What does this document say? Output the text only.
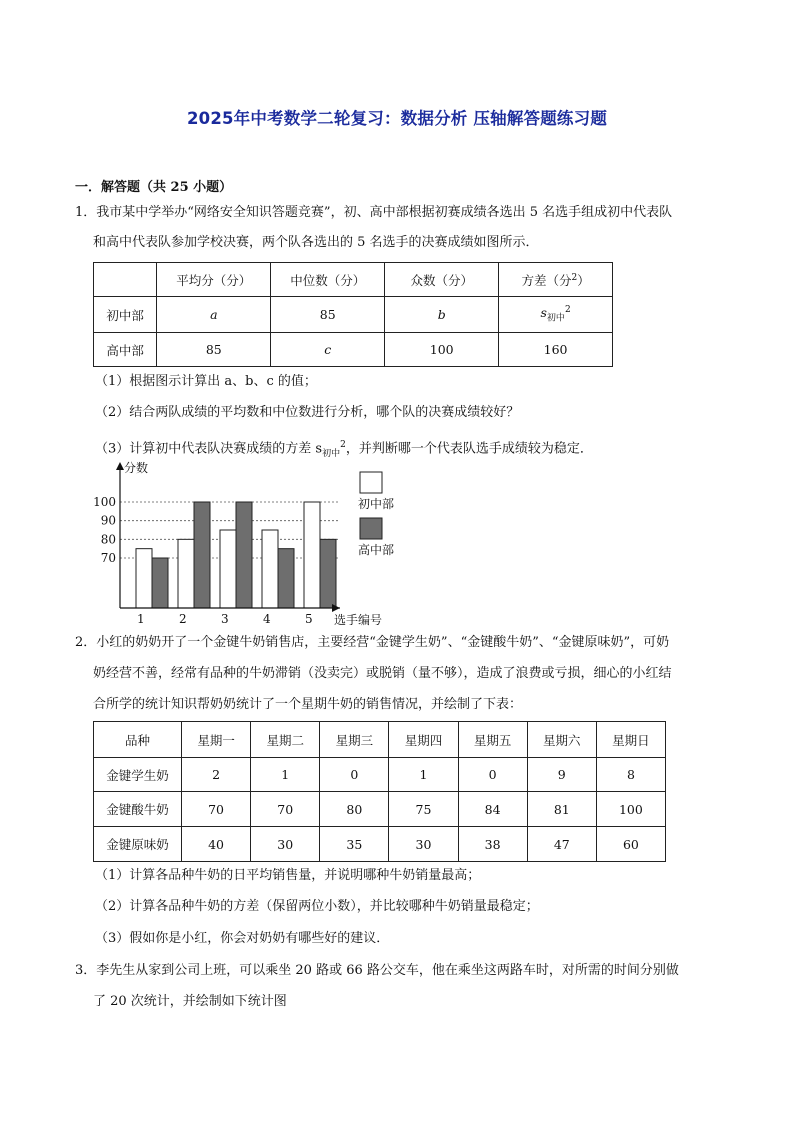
2025年中考数学二轮复习：数据分析 压轴解答题练习题
一．解答题（共 25 小题）
1．我市某中学举办“网络安全知识答题竞赛”，初、高中部根据初赛成绩各选出 5 名选手组成初中代表队
和高中代表队参加学校决赛，两个队各选出的 5 名选手的决赛成绩如图所示．
	平均分（分）	中位数（分）	众数（分）	方差（分$^2$）
初中部	a	85	b	$s_{初中}^2$
高中部	85	c	100	160
（1）根据图示计算出 a、b、c 的值；
（2）结合两队成绩的平均数和中位数进行分析，哪个队的决赛成绩较好？
（3）计算初中代表队决赛成绩的方差 $s_{初中}^2$，并判断哪一个代表队选手成绩较为稳定．
70
80
90
100
1	2	3	4	5
分数
选手编号
初中部
高中部
2．小红的奶奶开了一个金键牛奶销售店，主要经营“金键学生奶”、“金键酸牛奶”、“金键原味奶”，可奶
奶经营不善，经常有品种的牛奶滞销（没卖完）或脱销（量不够），造成了浪费或亏损，细心的小红结
合所学的统计知识帮奶奶统计了一个星期牛奶的销售情况，并绘制了下表：
品种	星期一	星期二	星期三	星期四	星期五	星期六	星期日
金键学生奶	2	1	0	1	0	9	8
金键酸牛奶	70	70	80	75	84	81	100
金键原味奶	40	30	35	30	38	47	60
（1）计算各品种牛奶的日平均销售量，并说明哪种牛奶销量最高；
（2）计算各品种牛奶的方差（保留两位小数），并比较哪种牛奶销量最稳定；
（3）假如你是小红，你会对奶奶有哪些好的建议．
3．李先生从家到公司上班，可以乘坐 20 路或 66 路公交车，他在乘坐这两路车时，对所需的时间分别做
了 20 次统计，并绘制如下统计图
